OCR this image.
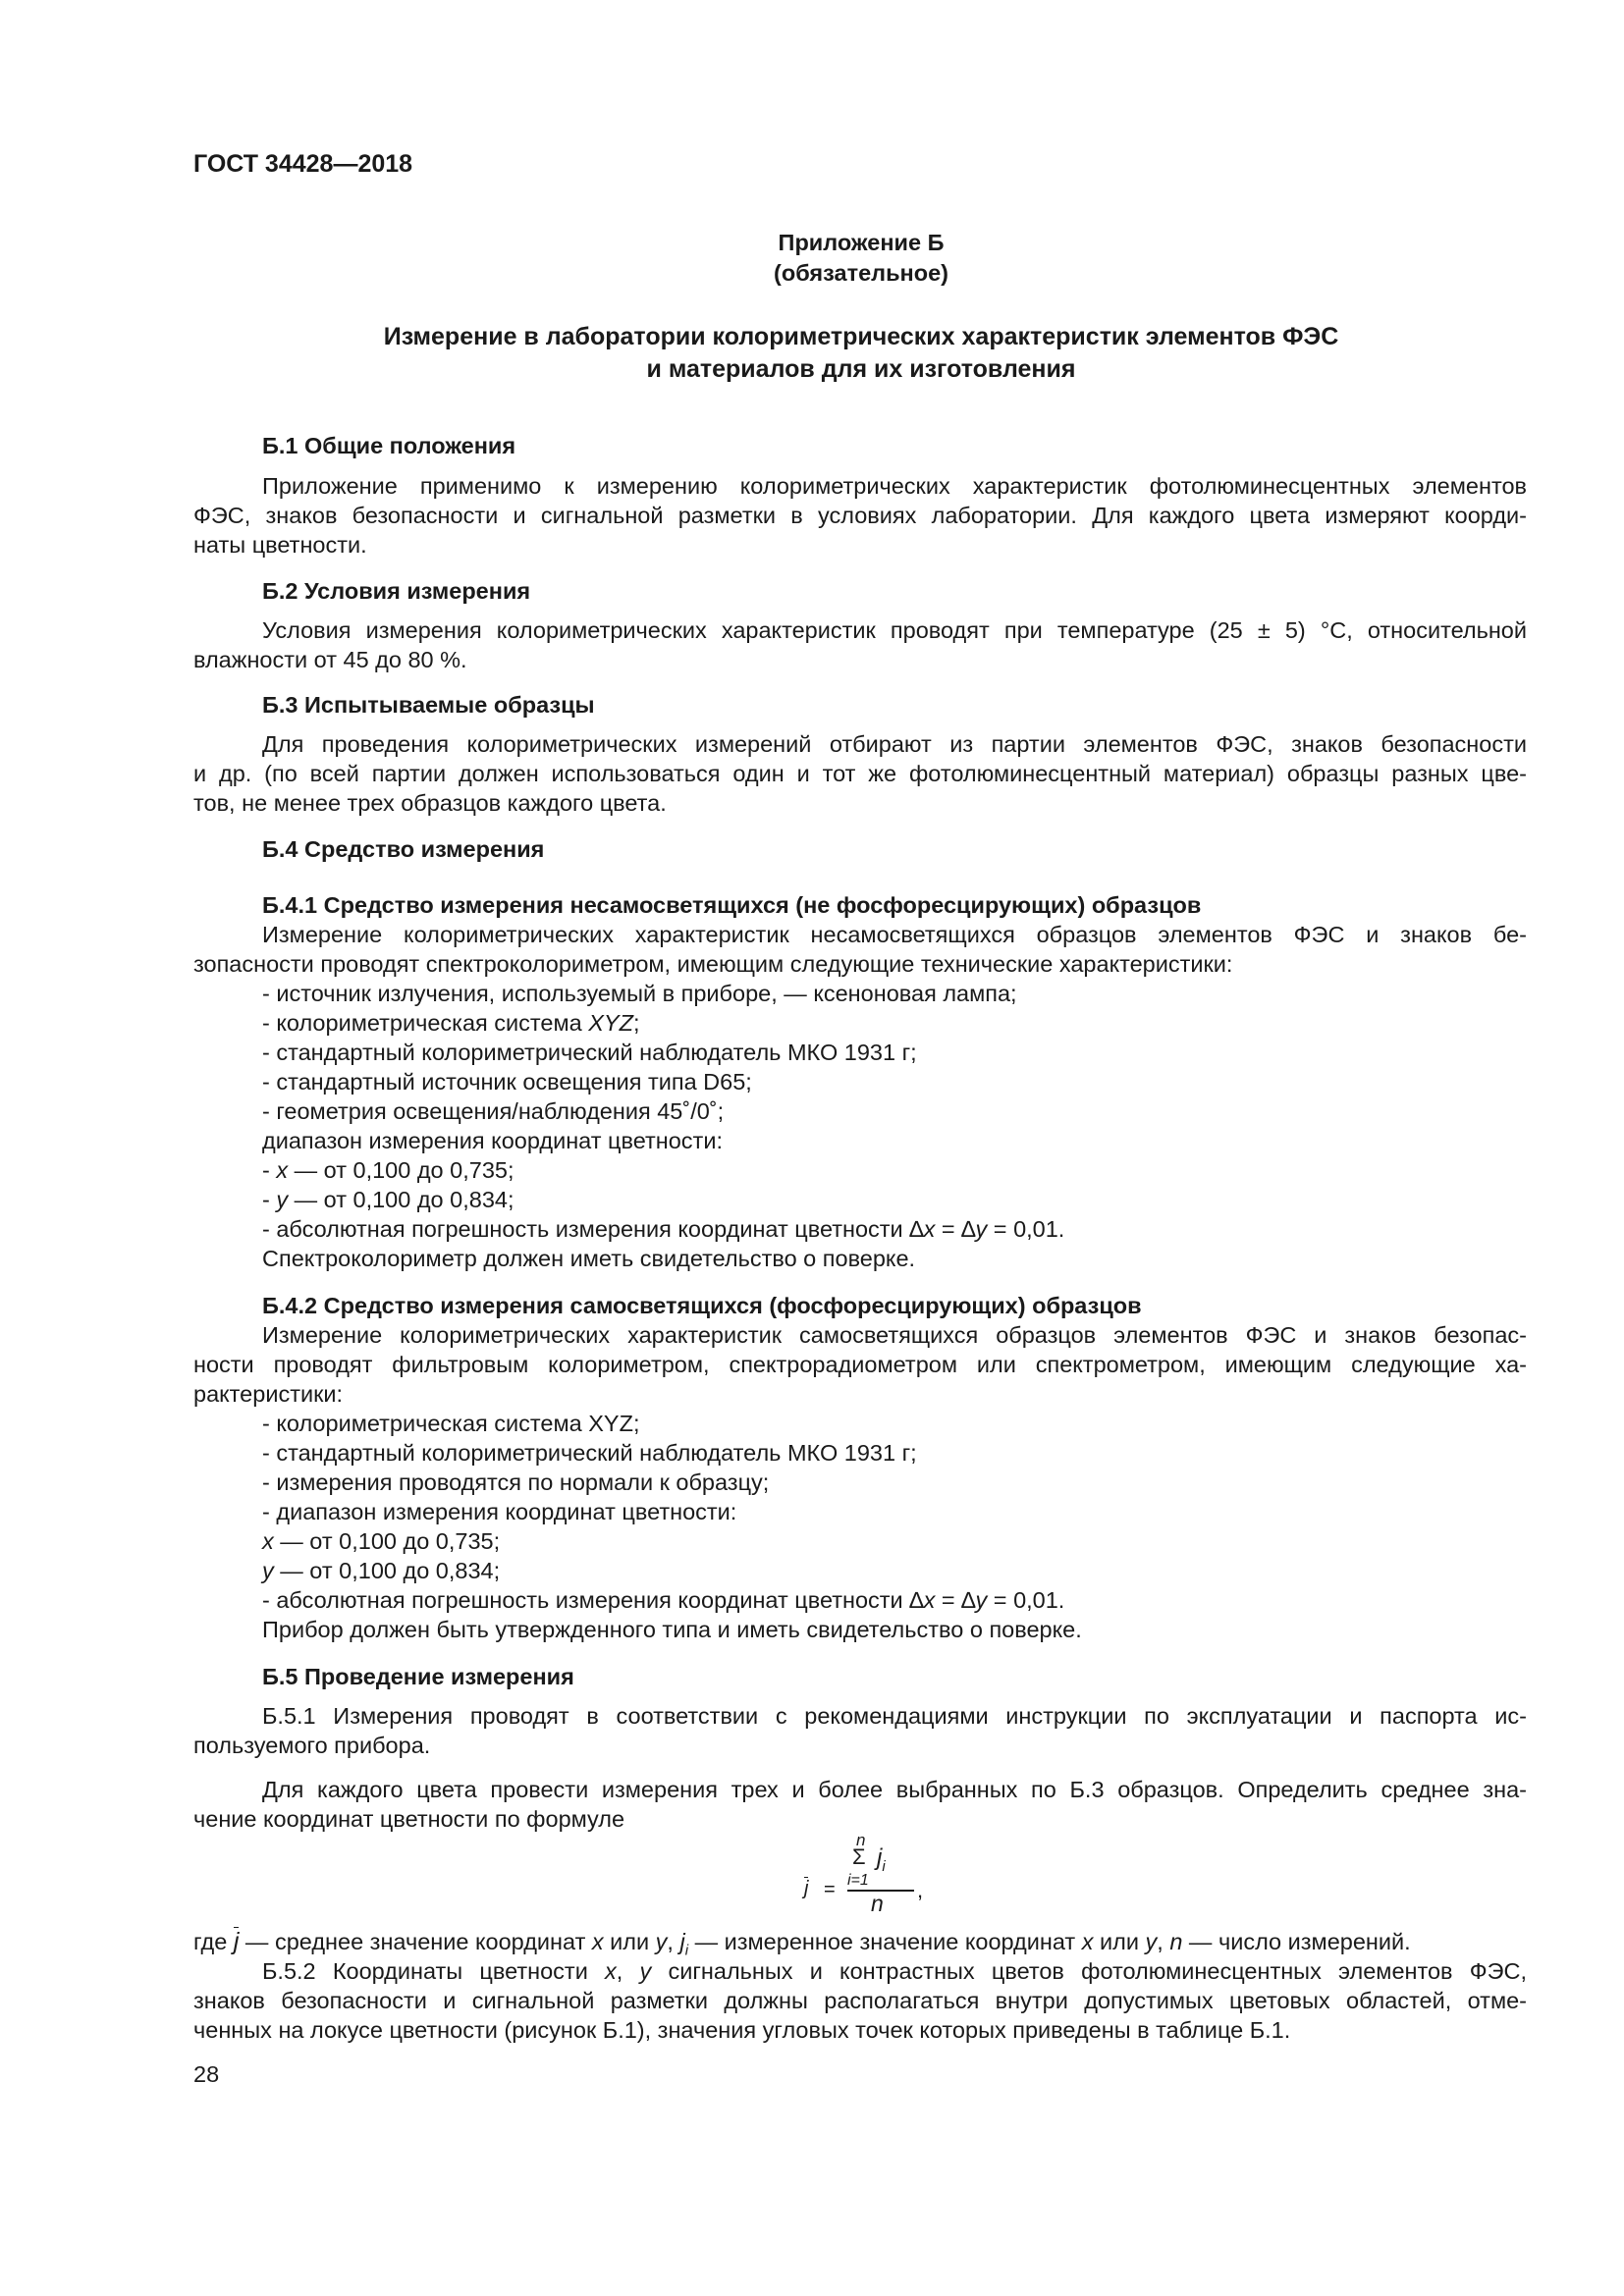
ГОСТ 34428—2018
Приложение Б
(обязательное)
Измерение в лаборатории колориметрических характеристик элементов ФЭС
и материалов для их изготовления
Б.1 Общие положения
Приложение применимо к измерению колориметрических характеристик фотолюминесцентных элементов
ФЭС, знаков безопасности и сигнальной разметки в условиях лаборатории. Для каждого цвета измеряют коорди-
наты цветности.
Б.2 Условия измерения
Условия измерения колориметрических характеристик проводят при температуре (25 ± 5) °С, относительной
влажности от 45 до 80 %.
Б.3 Испытываемые образцы
Для проведения колориметрических измерений отбирают из партии элементов ФЭС, знаков безопасности
и др. (по всей партии должен использоваться один и тот же фотолюминесцентный материал) образцы разных цве-
тов, не менее трех образцов каждого цвета.
Б.4 Средство измерения
Б.4.1 Средство измерения несамосветящихся (не фосфоресцирующих) образцов
Измерение колориметрических характеристик несамосветящихся образцов элементов ФЭС и знаков бе-
зопасности проводят спектроколориметром, имеющим следующие технические характеристики:
- источник излучения, используемый в приборе, — ксеноновая лампа;
- колориметрическая система XYZ;
- стандартный колориметрический наблюдатель МКО 1931 г;
- стандартный источник освещения типа D65;
- геометрия освещения/наблюдения 45˚/0˚;
диапазон измерения координат цветности:
- x — от 0,100 до 0,735;
- y — от 0,100 до 0,834;
- абсолютная погрешность измерения координат цветности ∆x = ∆y = 0,01.
Спектроколориметр должен иметь свидетельство о поверке.
Б.4.2 Средство измерения самосветящихся (фосфоресцирующих) образцов
Измерение колориметрических характеристик самосветящихся образцов элементов ФЭС и знаков безопас-
ности проводят фильтровым колориметром, спектрорадиометром или спектрометром, имеющим следующие ха-
рактеристики:
- колориметрическая система XYZ;
- стандартный колориметрический наблюдатель МКО 1931 г;
- измерения проводятся по нормали к образцу;
- диапазон измерения координат цветности:
x — от 0,100 до 0,735;
y — от 0,100 до 0,834;
- абсолютная погрешность измерения координат цветности ∆x = ∆y = 0,01.
Прибор должен быть утвержденного типа и иметь свидетельство о поверке.
Б.5 Проведение измерения
Б.5.1 Измерения проводят в соответствии с рекомендациями инструкции по эксплуатации и паспорта ис-
пользуемого прибора.
Для каждого цвета провести измерения трех и более выбранных по Б.3 образцов. Определить среднее зна-
чение координат цветности по формуле
n
Σ $j_i$
i=1
j =
n
,
где j — среднее значение координат x или y, $j_i$ — измеренное значение координат x или y, n — число измерений.
Б.5.2 Координаты цветности x, y сигнальных и контрастных цветов фотолюминесцентных элементов ФЭС,
знаков безопасности и сигнальной разметки должны располагаться внутри допустимых цветовых областей, отме-
ченных на локусе цветности (рисунок Б.1), значения угловых точек которых приведены в таблице Б.1.
28
